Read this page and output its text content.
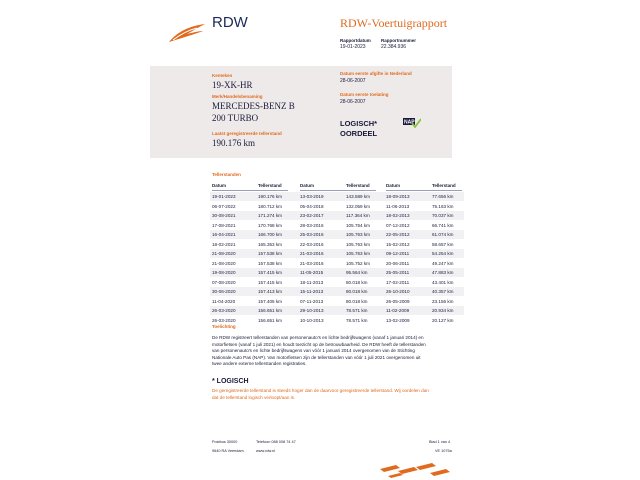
RDW	RDW-Voertuigrapport
Rapportdatum
19-01-2023
Rapportnummer
22.384.936
Kenteken
19-XK-HR
Merk/Handelsbenaming
MERCEDES-BENZ B
200 TURBO
Laatst geregistreerde tellerstand
190.176 km
Datum eerste afgifte in Nederland
28-06-2007
Datum eerste toelating
28-06-2007
LOGISCH*
OORDEEL
NAP
Tellerstanden
Datum	Tellerstand	Datum	Tellerstand	Datum	Tellerstand
19-01-2023	190.176 km	13-03-2019	143.589 km	18-09-2013	77.656 km
06-07-2022	180.712 km	05-04-2018	132.059 km	11-06-2013	75.163 km
30-08-2021	171.274 km	23-02-2017	117.364 km	18-02-2013	70.037 km
17-08-2021	170.768 km	28-03-2016	105.764 km	07-12-2012	66.741 km
16-04-2021	166.700 km	25-03-2016	105.763 km	22-05-2012	61.074 km
18-02-2021	165.353 km	22-03-2016	105.763 km	15-02-2012	58.657 km
21-08-2020	157.538 km	21-03-2016	105.763 km	09-12-2011	54.254 km
21-08-2020	157.538 km	21-03-2016	105.752 km	20-06-2011	49.247 km
19-08-2020	157.415 km	11-05-2015	95.564 km	25-05-2011	47.883 km
07-08-2020	157.415 km	18-11-2013	80.018 km	17-02-2011	43.401 km
30-06-2020	157.413 km	15-11-2013	80.018 km	26-10-2010	40.357 km
11-04-2020	157.405 km	07-11-2013	80.018 km	26-05-2009	23.156 km
26-03-2020	156.651 km	29-10-2013	78.571 km	11-02-2009	20.934 km
26-03-2020	156.651 km	10-10-2013	78.571 km	13-02-2009	20.127 km
Toelichting
De RDW registreert tellerstanden van personenauto's en lichte bedrijfswagens (vanaf 1 januari 2014) en
motorfietsen (vanaf 1 juli 2021) en houdt toezicht op de betrouwbaarheid. De RDW heeft de tellerstanden
van personenauto's en lichte bedrijfswagens van vóór 1 januari 2014 overgenomen van de Stichting
Nationale Auto Pas (NAP). Van motorfietsen zijn de tellerstanden van vóór 1 juli 2021 overgenomen uit
twee andere externe tellerstanden registraties.
* LOGISCH
De geregistreerde tellerstand is steeds hoger dan de daarvoor geregistreerde tellerstand. Wij oordelen dan
dat de tellerstand logisch verloopt/aan is.
Postbus 30000
9640 RA Veendam
Telefoon 088 008 74 47
www.rdw.nl
Blad 1 van 4
VE 1075a
